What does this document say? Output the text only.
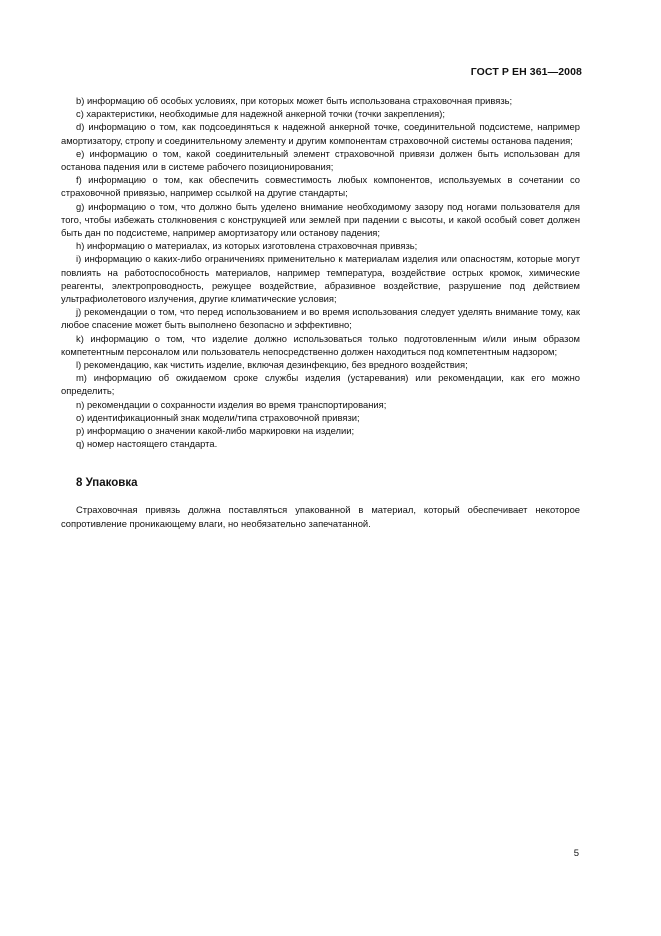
ГОСТ Р ЕН 361—2008

b) информацию об особых условиях, при которых может быть использована страховочная привязь;

c) характеристики, необходимые для надежной анкерной точки (точки закрепления);

d) информацию о том, как подсоединяться к надежной анкерной точке, соединительной подсистеме, например амортизатору, стропу и соединительному элементу и другим компонентам страховочной системы останова падения;

e) информацию о том, какой соединительный элемент страховочной привязи должен быть использован для останова падения или в системе рабочего позиционирования;

f) информацию о том, как обеспечить совместимость любых компонентов, используемых в сочетании со страховочной привязью, например ссылкой на другие стандарты;

g) информацию о том, что должно быть уделено внимание необходимому зазору под ногами пользователя для того, чтобы избежать столкновения с конструкцией или землей при падении с высоты, и какой особый совет должен быть дан по подсистеме, например амортизатору или останову падения;

h) информацию о материалах, из которых изготовлена страховочная привязь;

i) информацию о каких-либо ограничениях применительно к материалам изделия или опасностям, которые могут повлиять на работоспособность материалов, например температура, воздействие острых кромок, химические реагенты, электропроводность, режущее воздействие, абразивное воздействие, разрушение под действием ультрафиолетового излучения, другие климатические условия;

j) рекомендации о том, что перед использованием и во время использования следует уделять внимание тому, как любое спасение может быть выполнено безопасно и эффективно;

k) информацию о том, что изделие должно использоваться только подготовленным и/или иным образом компетентным персоналом или пользователь непосредственно должен находиться под компетентным надзором;

l) рекомендацию, как чистить изделие, включая дезинфекцию, без вредного воздействия;

m) информацию об ожидаемом сроке службы изделия (устаревания) или рекомендации, как его можно определить;

n) рекомендации о сохранности изделия во время транспортирования;

o) идентификационный знак модели/типа страховочной привязи;

p) информацию о значении какой-либо маркировки на изделии;

q) номер настоящего стандарта.

8 Упаковка

Страховочная привязь должна поставляться упакованной в материал, который обеспечивает некоторое сопротивление проникающему влаги, но необязательно запечатанной.

5
